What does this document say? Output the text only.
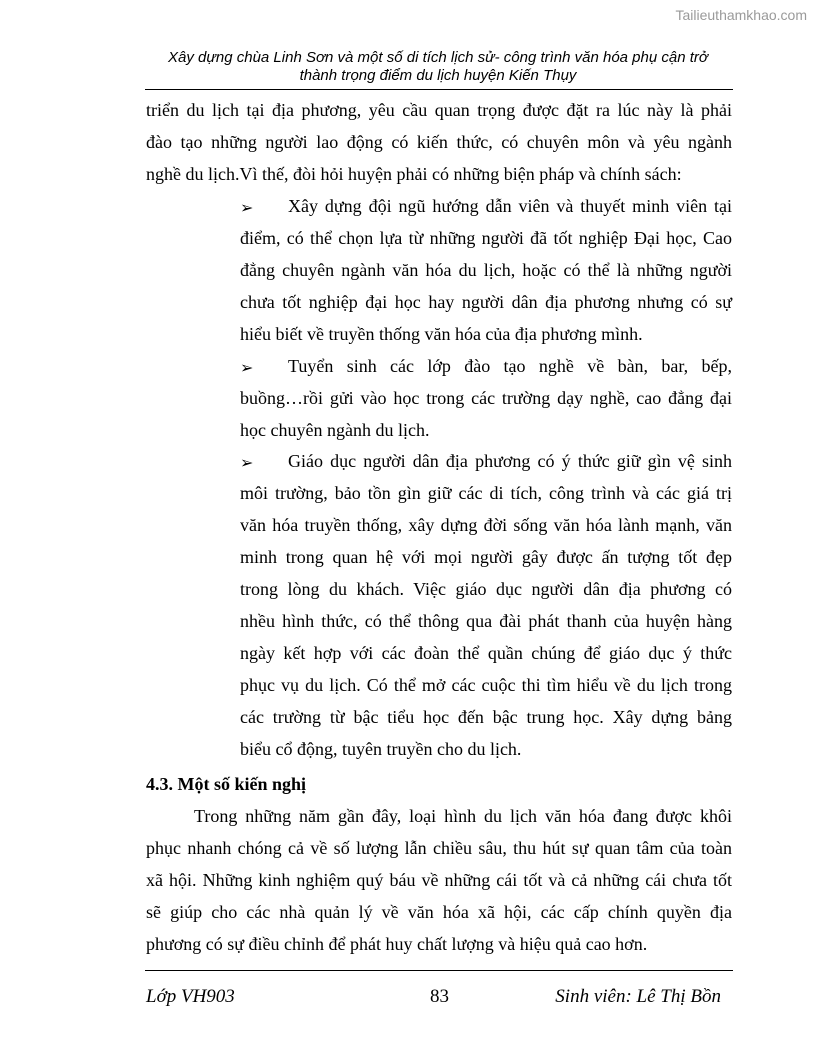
Tailieuthamkhao.com
Xây dựng chùa Linh Sơn và một số di tích lịch sử- công trình văn hóa phụ cận trở
thành trọng điểm du lịch huyện Kiến Thụy
triển du lịch tại địa phương, yêu cầu quan trọng được đặt ra lúc này là phải
đào tạo những người lao động có kiến thức, có chuyên môn và yêu ngành
nghề du lịch.Vì thế, đòi hỏi huyện phải có những biện pháp và chính sách:
➢ Xây dựng đội ngũ hướng dẫn viên và thuyết minh viên tại
điểm, có thể chọn lựa từ những người đã tốt nghiệp Đại học, Cao
đẳng chuyên ngành văn hóa du lịch, hoặc có thể là những người
chưa tốt nghiệp đại học hay người dân địa phương nhưng có sự
hiểu biết về truyền thống văn hóa của địa phương mình.
➢ Tuyển sinh các lớp đào tạo nghề về bàn, bar, bếp,
buồng…rồi gửi vào học trong các trường dạy nghề, cao đẳng đại
học chuyên ngành du lịch.
➢ Giáo dục người dân địa phương có ý thức giữ gìn vệ sinh
môi trường, bảo tồn gìn giữ các di tích, công trình và các giá trị
văn hóa truyền thống, xây dựng đời sống văn hóa lành mạnh, văn
minh trong quan hệ với mọi người gây được ấn tượng tốt đẹp
trong lòng du khách. Việc giáo dục người dân địa phương có
nhều hình thức, có thể thông qua đài phát thanh của huyện hàng
ngày kết hợp với các đoàn thể quần chúng để giáo dục ý thức
phục vụ du lịch. Có thể mở các cuộc thi tìm hiểu về du lịch trong
các trường từ bậc tiểu học đến bậc trung học. Xây dựng bảng
biểu cổ động, tuyên truyền cho du lịch.
4.3. Một số kiến nghị
Trong những năm gần đây, loại hình du lịch văn hóa đang được khôi
phục nhanh chóng cả về số lượng lẫn chiều sâu, thu hút sự quan tâm của toàn
xã hội. Những kinh nghiệm quý báu về những cái tốt và cả những cái chưa tốt
sẽ giúp cho các nhà quản lý về văn hóa xã hội, các cấp chính quyền địa
phương có sự điều chỉnh để phát huy chất lượng và hiệu quả cao hơn.
Lớp VH903	83	Sinh viên: Lê Thị Bồn
